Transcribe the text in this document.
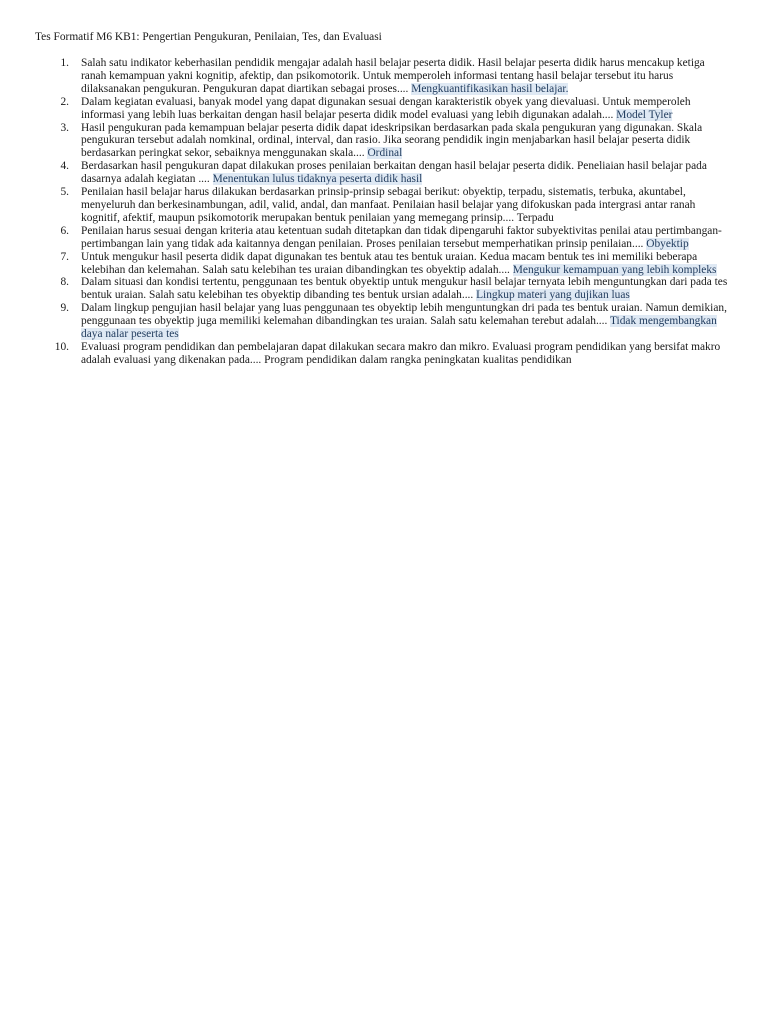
Tes Formatif M6 KB1: Pengertian Pengukuran, Penilaian, Tes, dan Evaluasi
1. Salah satu indikator keberhasilan pendidik mengajar adalah hasil belajar peserta didik. Hasil belajar peserta didik harus mencakup ketiga ranah kemampuan yakni kognitip, afektip, dan psikomotorik. Untuk memperoleh informasi tentang hasil belajar tersebut itu harus dilaksanakan pengukuran. Pengukuran dapat diartikan sebagai proses.... Mengkuantifikasikan hasil belajar.
2. Dalam kegiatan evaluasi, banyak model yang dapat digunakan sesuai dengan karakteristik obyek yang dievaluasi. Untuk memperoleh informasi yang lebih luas berkaitan dengan hasil belajar peserta didik model evaluasi yang lebih digunakan adalah.... Model Tyler
3. Hasil pengukuran pada kemampuan belajar peserta didik dapat ideskripsikan berdasarkan pada skala pengukuran yang digunakan. Skala pengukuran tersebut adalah nomkinal, ordinal, interval, dan rasio. Jika seorang pendidik ingin menjabarkan hasil belajar peserta didik berdasarkan peringkat sekor, sebaiknya menggunakan skala.... Ordinal
4. Berdasarkan hasil pengukuran dapat dilakukan proses penilaian berkaitan dengan hasil belajar peserta didik. Peneliaian hasil belajar pada dasarnya adalah kegiatan .... Menentukan lulus tidaknya peserta didik hasil
5. Penilaian hasil belajar harus dilakukan berdasarkan prinsip-prinsip sebagai berikut: obyektip, terpadu, sistematis, terbuka, akuntabel, menyeluruh dan berkesinambungan, adil, valid, andal, dan manfaat. Penilaian hasil belajar yang difokuskan pada intergrasi antar ranah kognitif, afektif, maupun psikomotorik merupakan bentuk penilaian yang memegang prinsip.... Terpadu
6. Penilaian harus sesuai dengan kriteria atau ketentuan sudah ditetapkan dan tidak dipengaruhi faktor subyektivitas penilai atau pertimbangan-pertimbangan lain yang tidak ada kaitannya dengan penilaian. Proses penilaian tersebut memperhatikan prinsip penilaian.... Obyektip
7. Untuk mengukur hasil peserta didik dapat digunakan tes bentuk atau tes bentuk uraian. Kedua macam bentuk tes ini memiliki beberapa kelebihan dan kelemahan. Salah satu kelebihan tes uraian dibandingkan tes obyektip adalah.... Mengukur kemampuan yang lebih kompleks
8. Dalam situasi dan kondisi tertentu, penggunaan tes bentuk obyektip untuk mengukur hasil belajar ternyata lebih menguntungkan dari pada tes bentuk uraian. Salah satu kelebihan tes obyektip dibanding tes bentuk ursian adalah.... Lingkup materi yang dujikan luas
9. Dalam lingkup pengujian hasil belajar yang luas penggunaan tes obyektip lebih menguntungkan dri pada tes bentuk uraian. Namun demikian, penggunaan tes obyektip juga memiliki kelemahan dibandingkan tes uraian. Salah satu kelemahan terebut adalah.... Tidak mengembangkan daya nalar peserta tes
10. Evaluasi program pendidikan dan pembelajaran dapat dilakukan secara makro dan mikro. Evaluasi program pendidikan yang bersifat makro adalah evaluasi yang dikenakan pada.... Program pendidikan dalam rangka peningkatan kualitas pendidikan
